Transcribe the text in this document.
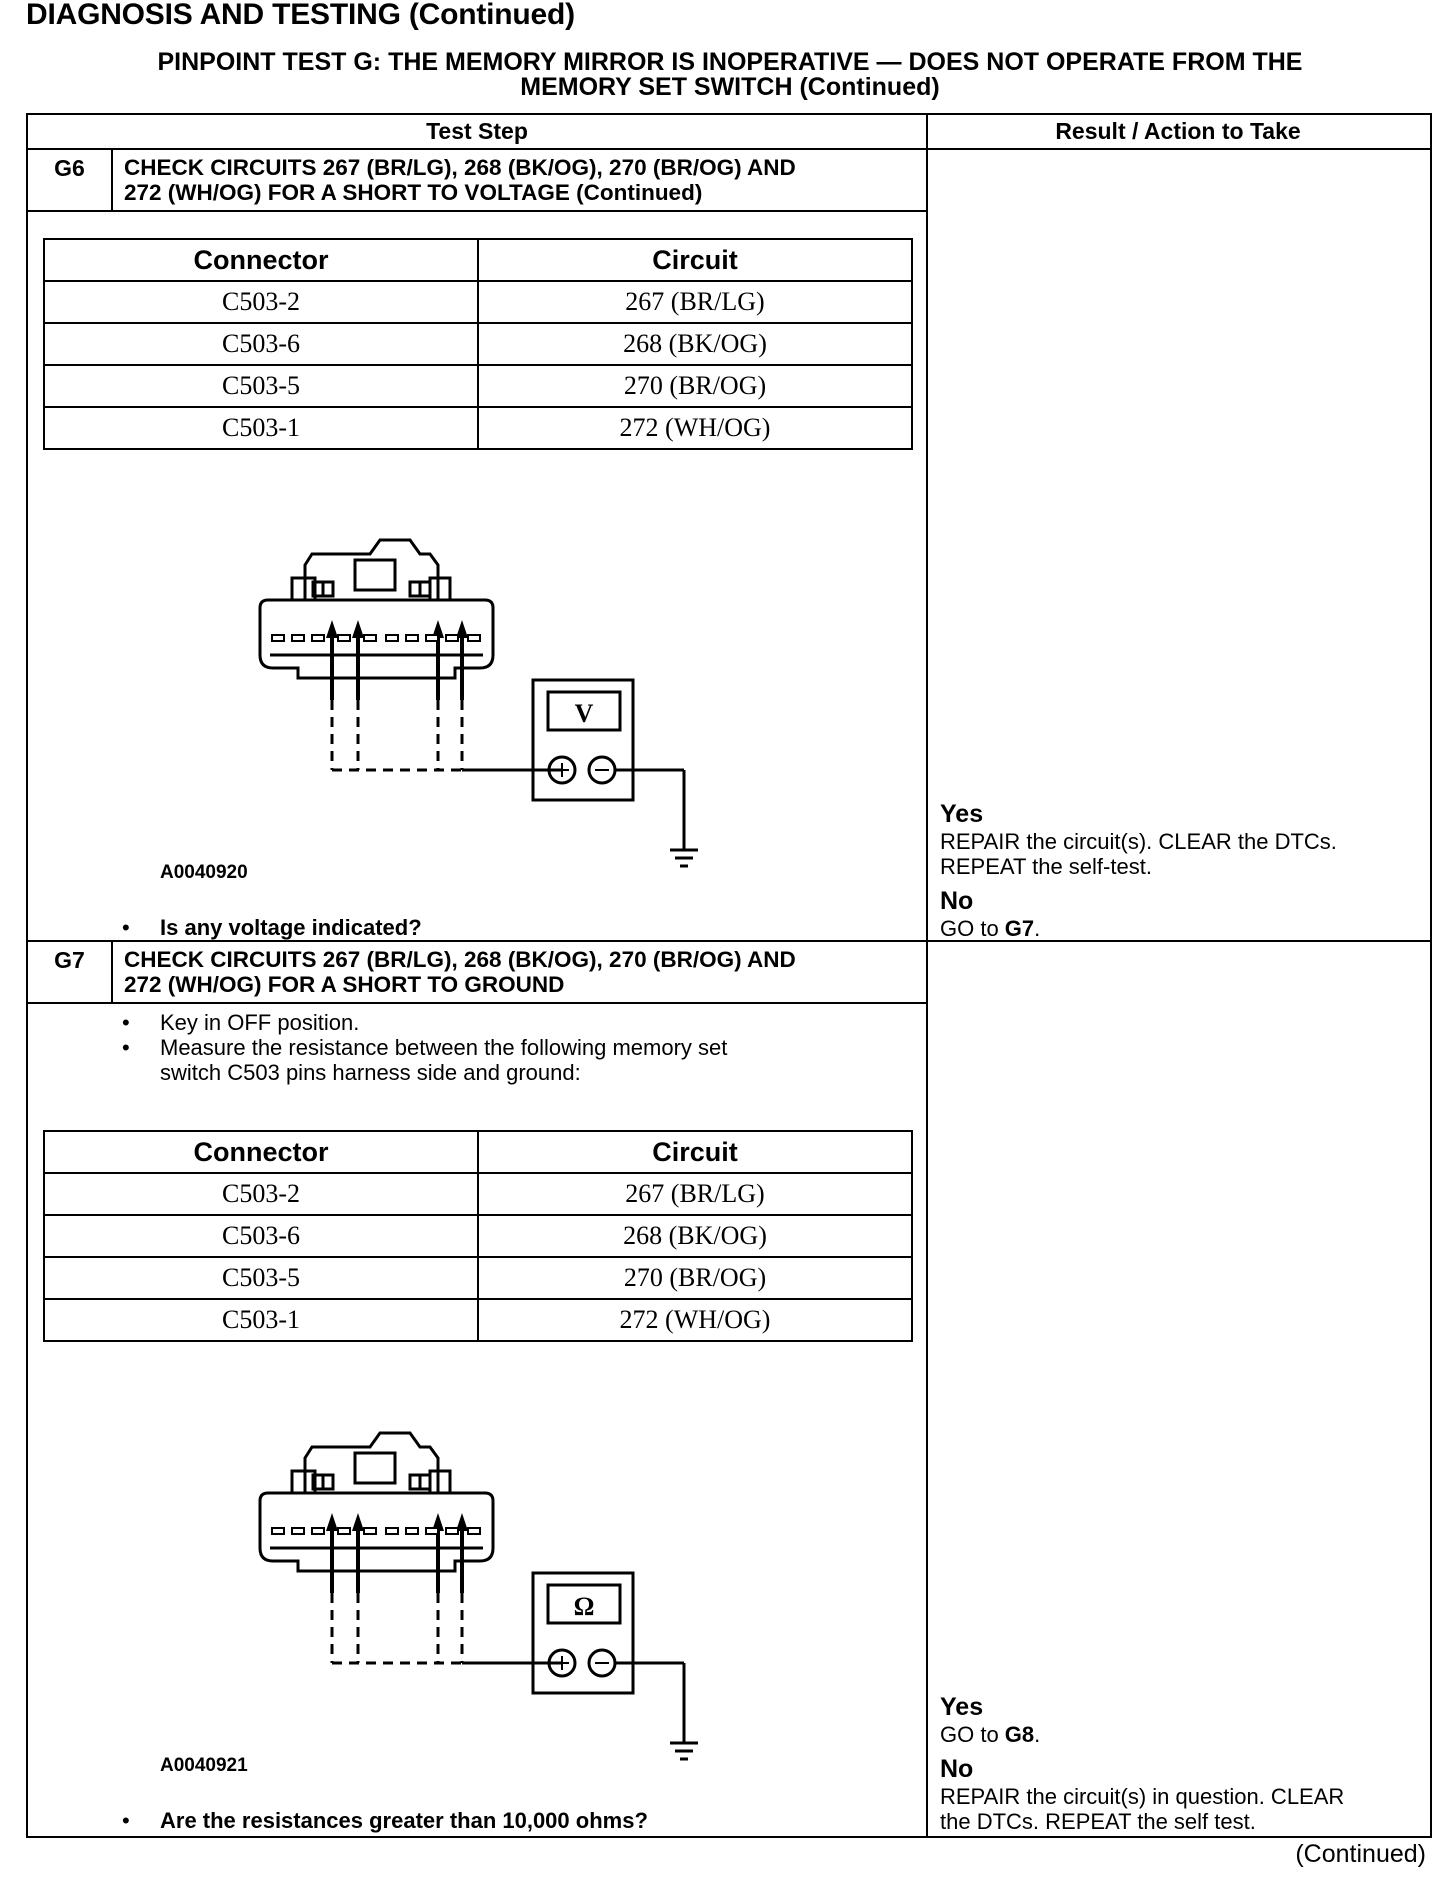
DIAGNOSIS AND TESTING (Continued)
PINPOINT TEST G: THE MEMORY MIRROR IS INOPERATIVE — DOES NOT OPERATE FROM THE
MEMORY SET SWITCH (Continued)
Test Step	Result / Action to Take
G6	CHECK CIRCUITS 267 (BR/LG), 268 (BK/OG), 270 (BR/OG) AND
272 (WH/OG) FOR A SHORT TO VOLTAGE (Continued)
Connector	Circuit
C503-2	267 (BR/LG)
C503-6	268 (BK/OG)
C503-5	270 (BR/OG)
C503-1	272 (WH/OG)
V
A0040920
• Is any voltage indicated?
Yes
REPAIR the circuit(s). CLEAR the DTCs.
REPEAT the self-test.
No
GO to G7.
G7	CHECK CIRCUITS 267 (BR/LG), 268 (BK/OG), 270 (BR/OG) AND
272 (WH/OG) FOR A SHORT TO GROUND
• Key in OFF position.
• Measure the resistance between the following memory set
switch C503 pins harness side and ground:
Connector	Circuit
C503-2	267 (BR/LG)
C503-6	268 (BK/OG)
C503-5	270 (BR/OG)
C503-1	272 (WH/OG)
Ω
A0040921
• Are the resistances greater than 10,000 ohms?
Yes
GO to G8.
No
REPAIR the circuit(s) in question. CLEAR
the DTCs. REPEAT the self test.
(Continued)
